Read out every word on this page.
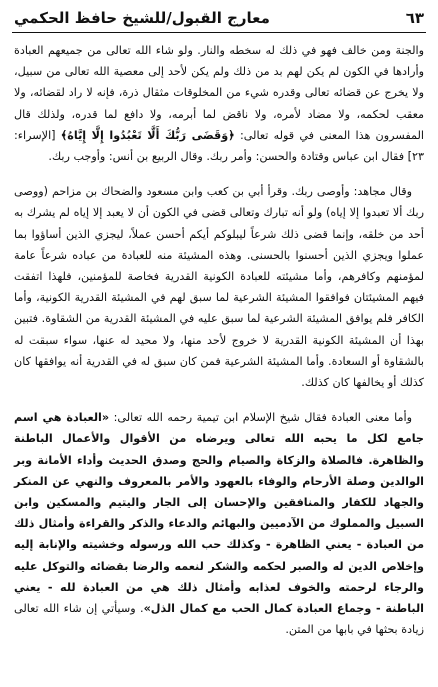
٦٣
معارج القبول/للشيخ حافظ الحكمي

والجنة ومن خالف فهو في ذلك له سخطه والنار. ولو شاء الله تعالى من جميعهم العبادة وأرادها في الكون لم يكن لهم بد من ذلك ولم يكن لأحد إلى معصية الله تعالى من سبيل، ولا يخرج عن قضائه تعالى وقدره شيء من المخلوقات مثقال ذرة، فإنه لا راد لقضائه، ولا معقب لحكمه، ولا مضاد لأمره، ولا ناقض لما أبرمه، ولا دافع لما قدره، ولذلك قال المفسرون هذا المعنى في قوله تعالى: ﴿وَقَضَى رَبُّكَ أَلَّا تَعْبُدُوا إِلَّا إِيَّاهُ﴾ [الإسراء: ٢٣] فقال ابن عباس وقتادة والحسن: وأمر ربك. وقال الربيع بن أنس: وأوجب ربك.

وقال مجاهد: وأوصى ربك. وقرأ أبي بن كعب وابن مسعود والضحاك بن مزاحم (ووصى ربك ألا تعبدوا إلا إياه) ولو أنه تبارك وتعالى قضى في الكون أن لا يعبد إلا إياه لم يشرك به أحد من خلقه، وإنما قضى ذلك شرعاً ليبلوكم أيكم أحسن عملاً، ليجزي الذين أساؤوا بما عملوا ويجزي الذين أحسنوا بالحسنى. وهذه المشيئة منه للعبادة من عباده شرعاً عامة لمؤمنهم وكافرهم، وأما مشيئته للعبادة الكونية القدرية فخاصة للمؤمنين، فلهذا اتفقت فيهم المشيئتان فوافقوا المشيئة الشرعية لما سبق لهم في المشيئة القدرية الكونية، وأما الكافر فلم يوافق المشيئة الشرعية لما سبق عليه في المشيئة القدرية من الشقاوة. فتبين بهذا أن المشيئة الكونية القدرية لا خروج لأحد منها، ولا محيد له عنها، سواء سبقت له بالشقاوة أو السعادة. وأما المشيئة الشرعية فمن كان سبق له في القدرية أنه يوافقها كان كذلك أو يخالفها كان كذلك.

وأما معنى العبادة فقال شيخ الإسلام ابن تيمية رحمه الله تعالى: «العبادة هي اسم جامع لكل ما يحبه الله تعالى ويرضاه من الأقوال والأعمال الباطنة والظاهرة. فالصلاة والزكاة والصيام والحج وصدق الحديث وأداء الأمانة وبر الوالدين وصلة الأرحام والوفاء بالعهود والأمر بالمعروف والنهي عن المنكر والجهاد للكفار والمنافقين والإحسان إلى الجار واليتيم والمسكين وابن السبيل والمملوك من الآدميين والبهائم والدعاء والذكر والقراءة وأمثال ذلك من العبادة - يعني الظاهرة - وكذلك حب الله ورسوله وخشيته والإنابة إليه وإخلاص الدين له والصبر لحكمه والشكر لنعمه والرضا بقضائه والتوكل عليه والرجاء لرحمته والخوف لعذابه وأمثال ذلك هي من العبادة لله - يعني الباطنة - وجماع العبادة كمال الحب مع كمال الذل». وسيأتي إن شاء الله تعالى زيادة بحثها في بابها من المتن.
